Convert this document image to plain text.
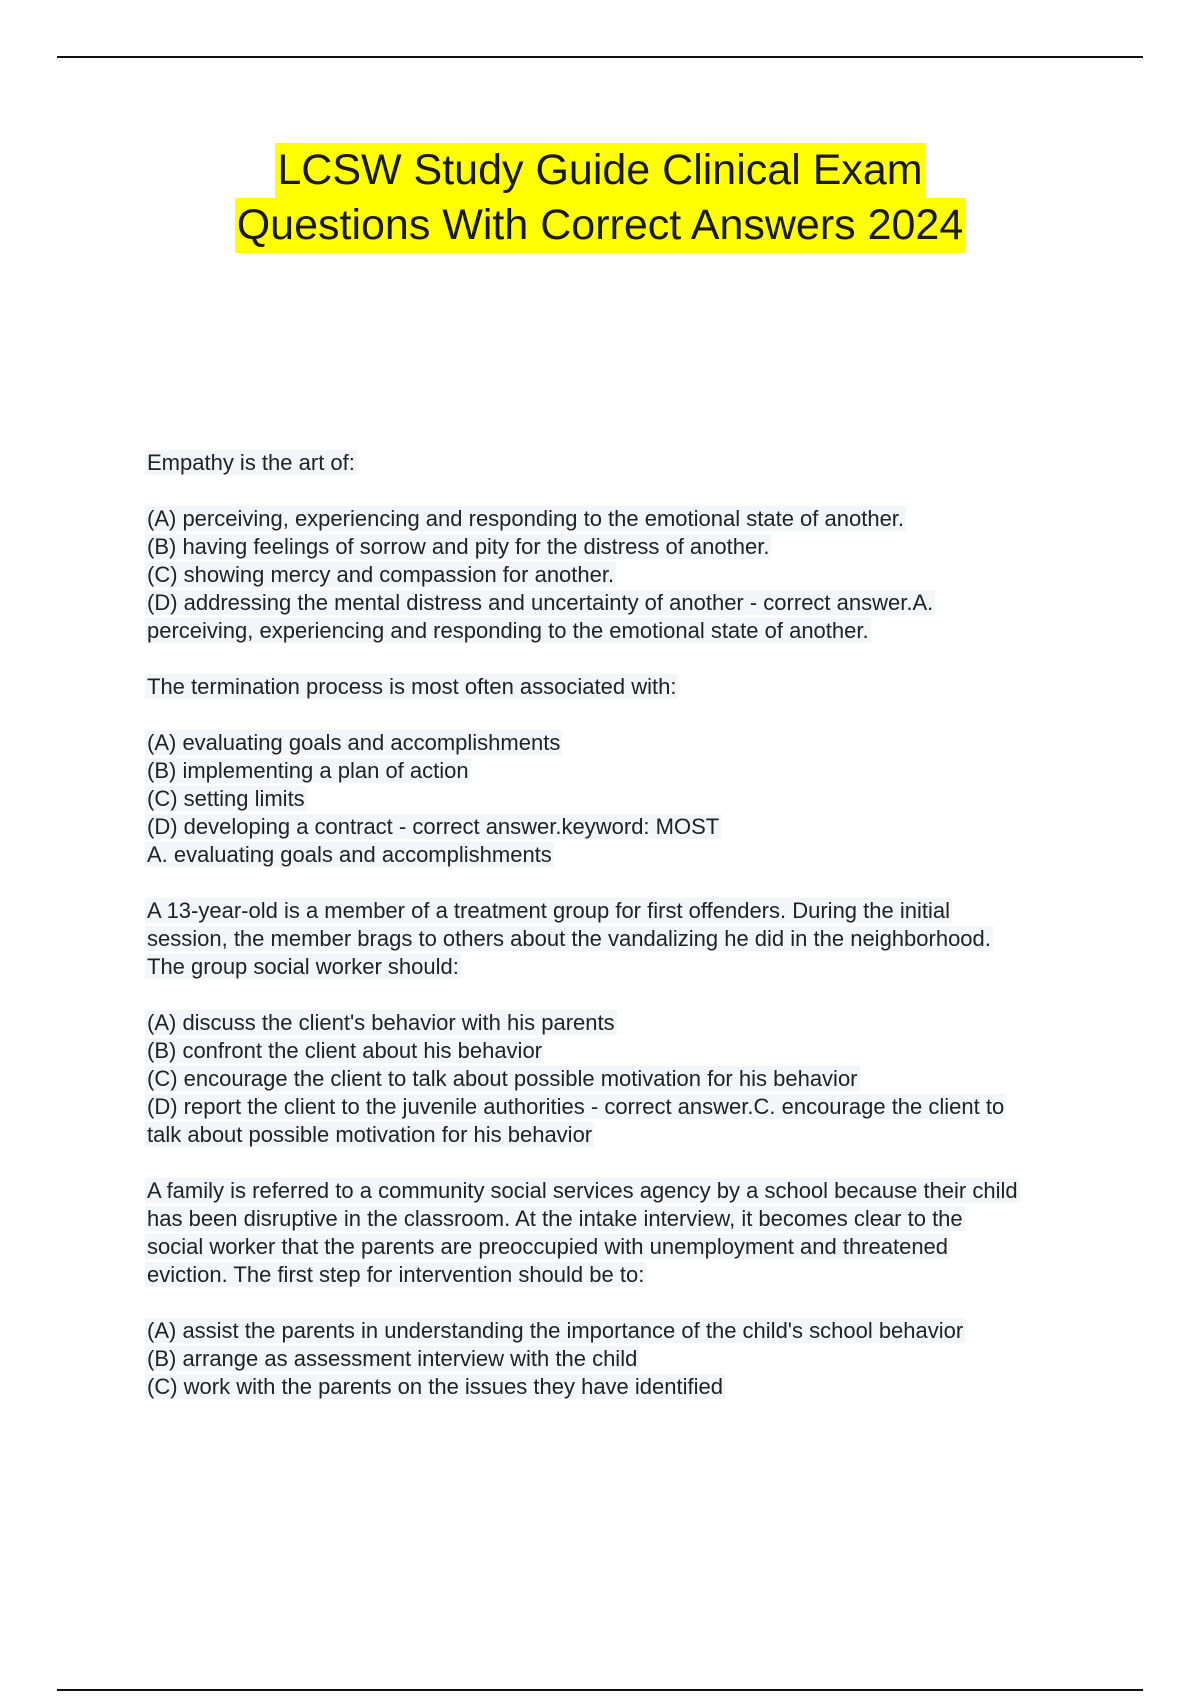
LCSW Study Guide Clinical Exam
Questions With Correct Answers 2024

Empathy is the art of:

(A) perceiving, experiencing and responding to the emotional state of another.

(B) having feelings of sorrow and pity for the distress of another.

(C) showing mercy and compassion for another.

(D) addressing the mental distress and uncertainty of another - correct answer.A.

perceiving, experiencing and responding to the emotional state of another.

The termination process is most often associated with:

(A) evaluating goals and accomplishments

(B) implementing a plan of action

(C) setting limits

(D) developing a contract - correct answer.keyword: MOST

A. evaluating goals and accomplishments

A 13-year-old is a member of a treatment group for first offenders. During the initial

session, the member brags to others about the vandalizing he did in the neighborhood.

The group social worker should:

(A) discuss the client's behavior with his parents

(B) confront the client about his behavior

(C) encourage the client to talk about possible motivation for his behavior

(D) report the client to the juvenile authorities - correct answer.C. encourage the client to

talk about possible motivation for his behavior

A family is referred to a community social services agency by a school because their child

has been disruptive in the classroom. At the intake interview, it becomes clear to the

social worker that the parents are preoccupied with unemployment and threatened

eviction. The first step for intervention should be to:

(A) assist the parents in understanding the importance of the child's school behavior

(B) arrange as assessment interview with the child

(C) work with the parents on the issues they have identified
